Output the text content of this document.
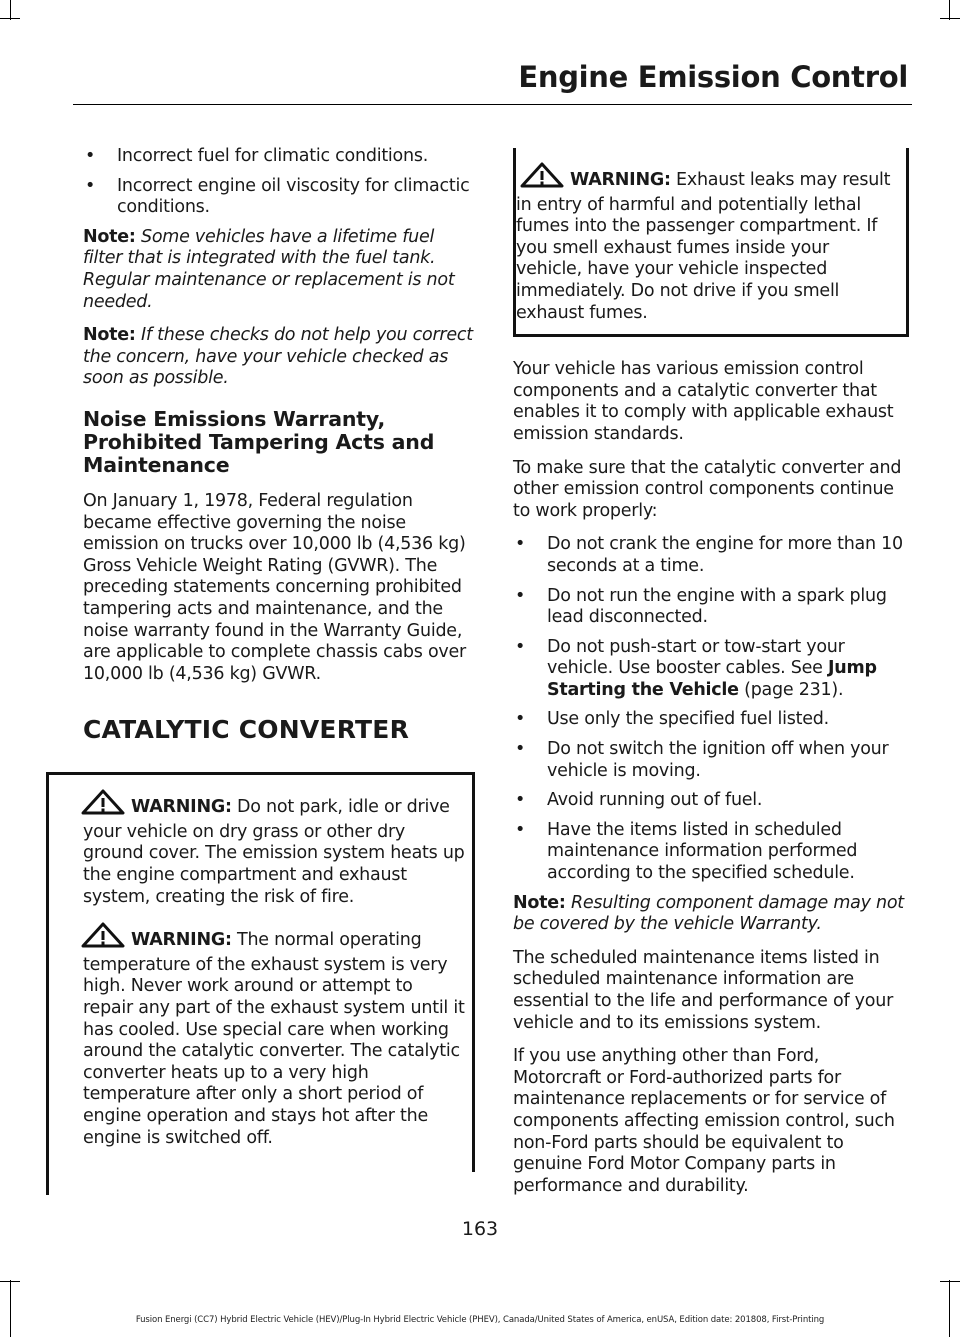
Engine Emission Control
• Incorrect fuel for climatic conditions.
• Incorrect engine oil viscosity for climactic conditions.

Note: Some vehicles have a lifetime fuel filter that is integrated with the fuel tank. Regular maintenance or replacement is not needed.

Note: If these checks do not help you correct the concern, have your vehicle checked as soon as possible.

Noise Emissions Warranty, Prohibited Tampering Acts and Maintenance

On January 1, 1978, Federal regulation became effective governing the noise emission on trucks over 10,000 lb (4,536 kg) Gross Vehicle Weight Rating (GVWR). The preceding statements concerning prohibited tampering acts and maintenance, and the noise warranty found in the Warranty Guide, are applicable to complete chassis cabs over 10,000 lb (4,536 kg) GVWR.

CATALYTIC CONVERTER

WARNING: Do not park, idle or drive your vehicle on dry grass or other dry ground cover. The emission system heats up the engine compartment and exhaust system, creating the risk of fire.

WARNING: The normal operating temperature of the exhaust system is very high. Never work around or attempt to repair any part of the exhaust system until it has cooled. Use special care when working around the catalytic converter. The catalytic converter heats up to a very high temperature after only a short period of engine operation and stays hot after the engine is switched off.

WARNING: Exhaust leaks may result in entry of harmful and potentially lethal fumes into the passenger compartment. If you smell exhaust fumes inside your vehicle, have your vehicle inspected immediately. Do not drive if you smell exhaust fumes.

Your vehicle has various emission control components and a catalytic converter that enables it to comply with applicable exhaust emission standards.

To make sure that the catalytic converter and other emission control components continue to work properly:

• Do not crank the engine for more than 10 seconds at a time.
• Do not run the engine with a spark plug lead disconnected.
• Do not push-start or tow-start your vehicle. Use booster cables. See Jump Starting the Vehicle (page 231).
• Use only the specified fuel listed.
• Do not switch the ignition off when your vehicle is moving.
• Avoid running out of fuel.
• Have the items listed in scheduled maintenance information performed according to the specified schedule.

Note: Resulting component damage may not be covered by the vehicle Warranty.

The scheduled maintenance items listed in scheduled maintenance information are essential to the life and performance of your vehicle and to its emissions system.

If you use anything other than Ford, Motorcraft or Ford-authorized parts for maintenance replacements or for service of components affecting emission control, such non-Ford parts should be equivalent to genuine Ford Motor Company parts in performance and durability.

163
Fusion Energi (CC7) Hybrid Electric Vehicle (HEV)/Plug-In Hybrid Electric Vehicle (PHEV), Canada/United States of America, enUSA, Edition date: 201808, First-Printing
